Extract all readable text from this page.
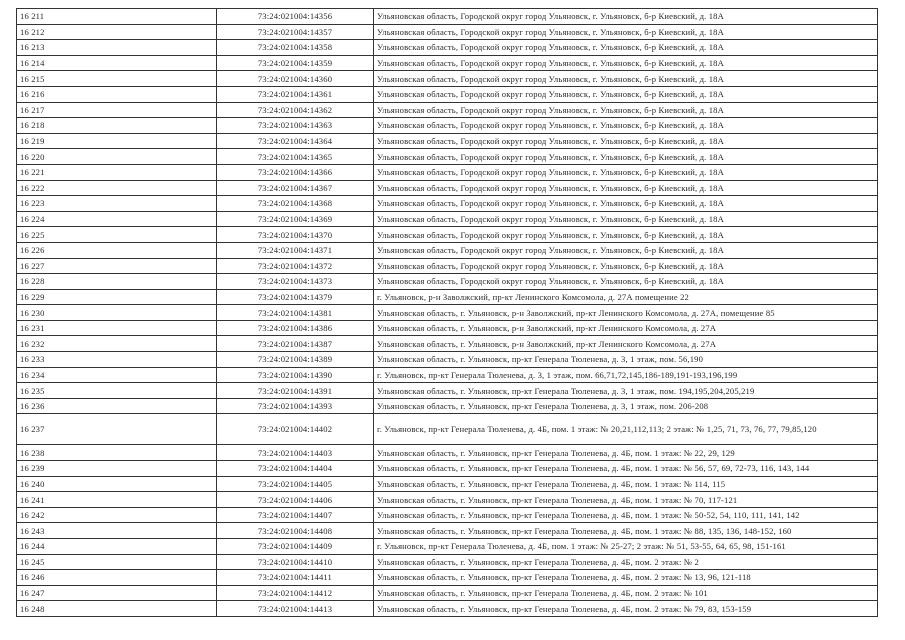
16 211	73:24:021004:14356	Ульяновская область, Городской округ город Ульяновск, г. Ульяновск, б-р Киевский, д. 18А
16 212	73:24:021004:14357	Ульяновская область, Городской округ город Ульяновск, г. Ульяновск, б-р Киевский, д. 18А
16 213	73:24:021004:14358	Ульяновская область, Городской округ город Ульяновск, г. Ульяновск, б-р Киевский, д. 18А
16 214	73:24:021004:14359	Ульяновская область, Городской округ город Ульяновск, г. Ульяновск, б-р Киевский, д. 18А
16 215	73:24:021004:14360	Ульяновская область, Городской округ город Ульяновск, г. Ульяновск, б-р Киевский, д. 18А
16 216	73:24:021004:14361	Ульяновская область, Городской округ город Ульяновск, г. Ульяновск, б-р Киевский, д. 18А
16 217	73:24:021004:14362	Ульяновская область, Городской округ город Ульяновск, г. Ульяновск, б-р Киевский, д. 18А
16 218	73:24:021004:14363	Ульяновская область, Городской округ город Ульяновск, г. Ульяновск, б-р Киевский, д. 18А
16 219	73:24:021004:14364	Ульяновская область, Городской округ город Ульяновск, г. Ульяновск, б-р Киевский, д. 18А
16 220	73:24:021004:14365	Ульяновская область, Городской округ город Ульяновск, г. Ульяновск, б-р Киевский, д. 18А
16 221	73:24:021004:14366	Ульяновская область, Городской округ город Ульяновск, г. Ульяновск, б-р Киевский, д. 18А
16 222	73:24:021004:14367	Ульяновская область, Городской округ город Ульяновск, г. Ульяновск, б-р Киевский, д. 18А
16 223	73:24:021004:14368	Ульяновская область, Городской округ город Ульяновск, г. Ульяновск, б-р Киевский, д. 18А
16 224	73:24:021004:14369	Ульяновская область, Городской округ город Ульяновск, г. Ульяновск, б-р Киевский, д. 18А
16 225	73:24:021004:14370	Ульяновская область, Городской округ город Ульяновск, г. Ульяновск, б-р Киевский, д. 18А
16 226	73:24:021004:14371	Ульяновская область, Городской округ город Ульяновск, г. Ульяновск, б-р Киевский, д. 18А
16 227	73:24:021004:14372	Ульяновская область, Городской округ город Ульяновск, г. Ульяновск, б-р Киевский, д. 18А
16 228	73:24:021004:14373	Ульяновская область, Городской округ город Ульяновск, г. Ульяновск, б-р Киевский, д. 18А
16 229	73:24:021004:14379	г. Ульяновск, р-н Заволжский, пр-кт Ленинского Комсомола, д. 27А помещение 22
16 230	73:24:021004:14381	Ульяновская область, г. Ульяновск, р-н Заволжский, пр-кт Ленинского Комсомола, д. 27А, помещение 85
16 231	73:24:021004:14386	Ульяновская область, г. Ульяновск, р-н Заволжский, пр-кт Ленинского Комсомола, д. 27А
16 232	73:24:021004:14387	Ульяновская область, г. Ульяновск, р-н Заволжский, пр-кт Ленинского Комсомола, д. 27А
16 233	73:24:021004:14389	Ульяновская область, г. Ульяновск, пр-кт Генерала Тюленева, д. 3, 1 этаж, пом. 56,190
16 234	73:24:021004:14390	г. Ульяновск, пр-кт Генерала Тюленева, д. 3, 1 этаж, пом. 66,71,72,145,186-189,191-193,196,199
16 235	73:24:021004:14391	Ульяновская область, г. Ульяновск, пр-кт Генерала Тюленева, д. 3, 1 этаж, пом. 194,195,204,205,219
16 236	73:24:021004:14393	Ульяновская область, г. Ульяновск, пр-кт Генерала Тюленева, д. 3, 1 этаж, пом. 206-208
16 237	73:24:021004:14402	г. Ульяновск, пр-кт Генерала Тюленева, д. 4Б, пом. 1 этаж: № 20,21,112,113; 2 этаж: № 1,25, 71, 73, 76, 77, 79,85,120
16 238	73:24:021004:14403	Ульяновская область, г. Ульяновск, пр-кт Генерала Тюленева, д. 4Б, пом. 1 этаж: № 22, 29, 129
16 239	73:24:021004:14404	Ульяновская область, г. Ульяновск, пр-кт Генерала Тюленева, д. 4Б, пом. 1 этаж: № 56, 57, 69, 72-73, 116, 143, 144
16 240	73:24:021004:14405	Ульяновская область, г. Ульяновск, пр-кт Генерала Тюленева, д. 4Б, пом. 1 этаж: № 114, 115
16 241	73:24:021004:14406	Ульяновская область, г. Ульяновск, пр-кт Генерала Тюленева, д. 4Б, пом. 1 этаж: № 70, 117-121
16 242	73:24:021004:14407	Ульяновская область, г. Ульяновск, пр-кт Генерала Тюленева, д. 4Б, пом. 1 этаж: № 50-52, 54, 110, 111, 141, 142
16 243	73:24:021004:14408	Ульяновская область, г. Ульяновск, пр-кт Генерала Тюленева, д. 4Б, пом. 1 этаж: № 88, 135, 136, 148-152, 160
16 244	73:24:021004:14409	г. Ульяновск, пр-кт Генерала Тюленева, д. 4Б, пом. 1 этаж: № 25-27; 2 этаж: № 51, 53-55, 64, 65, 98, 151-161
16 245	73:24:021004:14410	Ульяновская область, г. Ульяновск, пр-кт Генерала Тюленева, д. 4Б, пом. 2 этаж: № 2
16 246	73:24:021004:14411	Ульяновская область, г. Ульяновск, пр-кт Генерала Тюленева, д. 4Б, пом. 2 этаж: № 13, 96, 121-118
16 247	73:24:021004:14412	Ульяновская область, г. Ульяновск, пр-кт Генерала Тюленева, д. 4Б, пом. 2 этаж: № 101
16 248	73:24:021004:14413	Ульяновская область, г. Ульяновск, пр-кт Генерала Тюленева, д. 4Б, пом. 2 этаж: № 79, 83, 153-159
